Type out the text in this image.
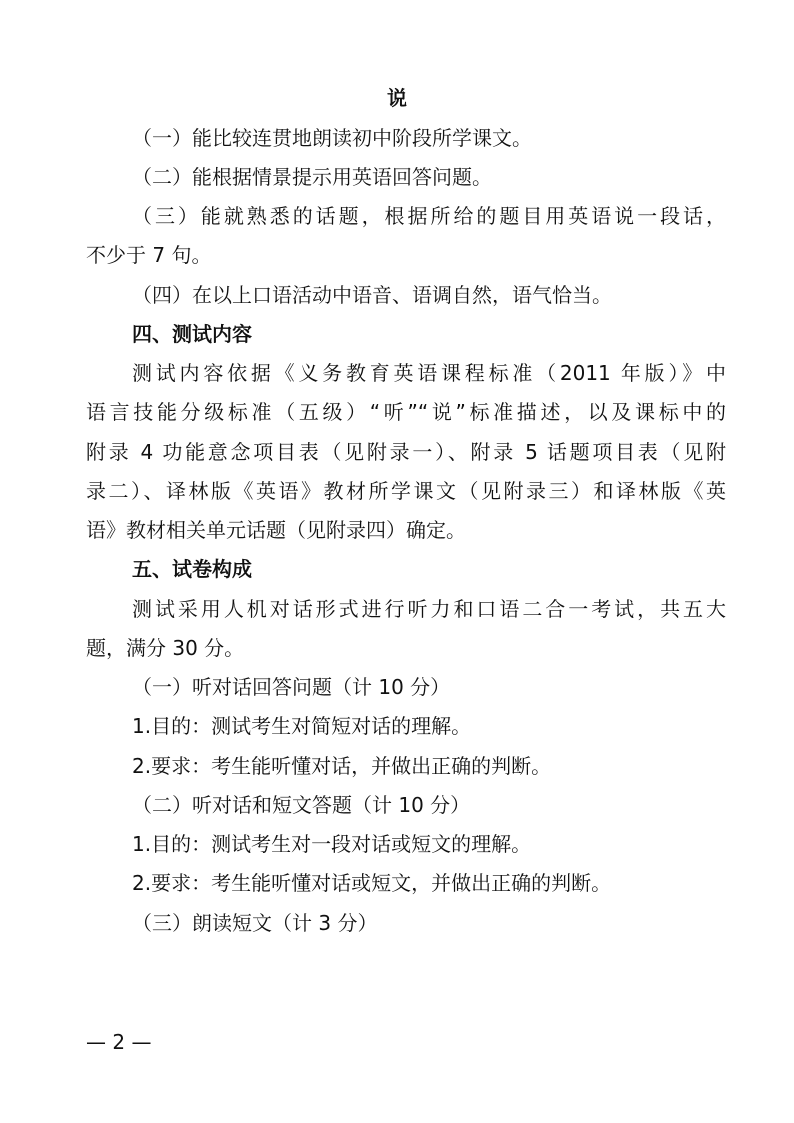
说
（一）能比较连贯地朗读初中阶段所学课文。
（二）能根据情景提示用英语回答问题。
（三）能就熟悉的话题，根据所给的题目用英语说一段话，
不少于 7 句。
（四）在以上口语活动中语音、语调自然，语气恰当。
四、测试内容
测试内容依据《义务教育英语课程标准（2011 年版）》中
语言技能分级标准（五级）“听”“说”标准描述，以及课标中的
附录 4 功能意念项目表（见附录一）、附录 5 话题项目表（见附
录二）、译林版《英语》教材所学课文（见附录三）和译林版《英
语》教材相关单元话题（见附录四）确定。
五、试卷构成
测试采用人机对话形式进行听力和口语二合一考试，共五大
题，满分 30 分。
（一）听对话回答问题（计 10 分）
1.目的：测试考生对简短对话的理解。
2.要求：考生能听懂对话，并做出正确的判断。
（二）听对话和短文答题（计 10 分）
1.目的：测试考生对一段对话或短文的理解。
2.要求：考生能听懂对话或短文，并做出正确的判断。
（三）朗读短文（计 3 分）
— 2 —
